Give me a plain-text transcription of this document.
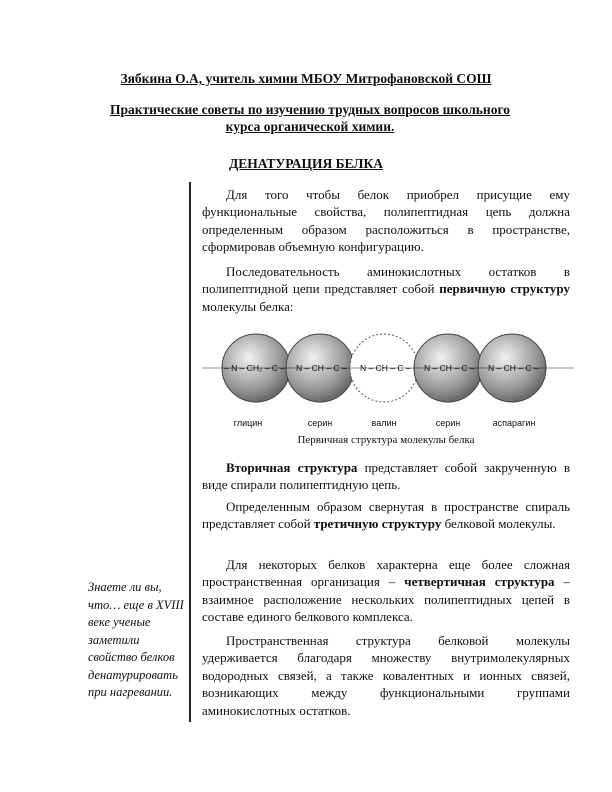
Зябкина О.А, учитель химии МБОУ Митрофановской СОШ
Практические советы по изучению трудных вопросов школьного курса органической химии.
ДЕНАТУРАЦИЯ БЕЛКА
Для того чтобы белок приобрел присущие ему функциональные свойства, полипептидная цепь должна определенным образом расположиться в пространстве, сформировав объемную конфигурацию.
Последовательность аминокислотных остатков в полипептидной цепи представляет собой первичную структуру молекулы белка:
– N – CH₂ – C – N – CH – C – N – CH – C – N – CH – C – N – CH – C –
глицин	серин	валин	серин	аспарагин
Первичная структура молекулы белка
Вторичная структура представляет собой закрученную в виде спирали полипептидную цепь.
Определенным образом свернутая в пространстве спираль представляет собой третичную структуру белковой молекулы.
Для некоторых белков характерна еще более сложная пространственная организация – четвертичная структура – взаимное расположение нескольких полипептидных цепей в составе единого белкового комплекса.
Пространственная структура белковой молекулы удерживается благодаря множеству внутримолекулярных водородных связей, а также ковалентных и ионных связей, возникающих между функциональными группами аминокислотных остатков.
Знаете ли вы, что… еще в XVIII веке ученые заметили свойство белков денатурировать при нагревании.
